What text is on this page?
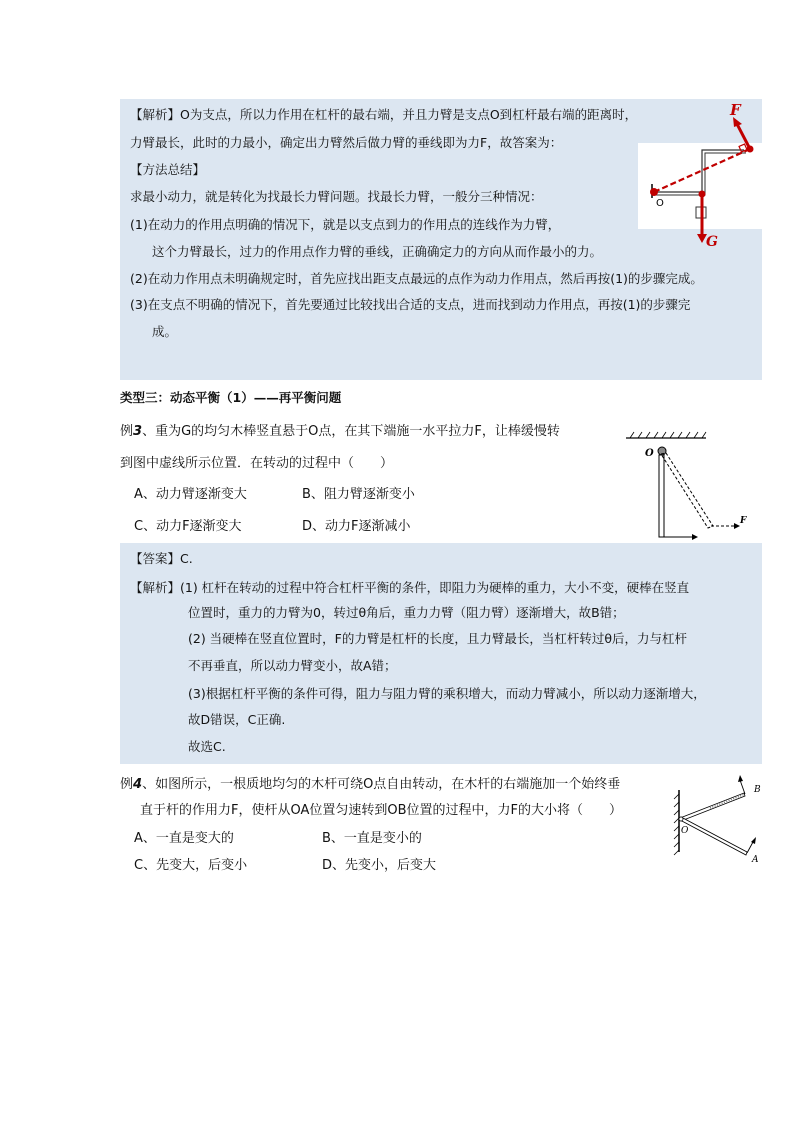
【解析】O为支点，所以力作用在杠杆的最右端，并且力臂是支点O到杠杆最右端的距离时，
力臂最长，此时的力最小，确定出力臂然后做力臂的垂线即为力F，故答案为：
【方法总结】
求最小动力，就是转化为找最长力臂问题。找最长力臂，一般分三种情况：
(1)在动力的作用点明确的情况下，就是以支点到力的作用点的连线作为力臂，
这个力臂最长，过力的作用点作力臂的垂线，正确确定力的方向从而作最小的力。
(2)在动力作用点未明确规定时，首先应找出距支点最远的点作为动力作用点，然后再按(1)的步骤完成。
(3)在支点不明确的情况下，首先要通过比较找出合适的支点，进而找到动力作用点，再按(1)的步骤完
成。
F
O
G
类型三：动态平衡（1）——再平衡问题
例3、重为G的均匀木棒竖直悬于O点，在其下端施一水平拉力F，让棒缓慢转
到图中虚线所示位置．在转动的过程中（　　）
A、动力臂逐渐变大	B、阻力臂逐渐变小
C、动力F逐渐变大	D、动力F逐渐减小
O
F
【答案】C.
【解析】(1) 杠杆在转动的过程中符合杠杆平衡的条件，即阻力为硬棒的重力，大小不变，硬棒在竖直
位置时，重力的力臂为0，转过θ角后，重力力臂（阻力臂）逐渐增大，故B错；
(2) 当硬棒在竖直位置时，F的力臂是杠杆的长度，且力臂最长，当杠杆转过θ后，力与杠杆
不再垂直，所以动力臂变小，故A错；
(3)根据杠杆平衡的条件可得，阻力与阻力臂的乘积增大，而动力臂减小，所以动力逐渐增大，
故D错误，C正确.
故选C.
例4、如图所示，一根质地均匀的木杆可绕O点自由转动，在木杆的右端施加一个始终垂
直于杆的作用力F，使杆从OA位置匀速转到OB位置的过程中，力F的大小将（　　）
A、一直是变大的	B、一直是变小的
C、先变大，后变小	D、先变小，后变大
O
B
A
